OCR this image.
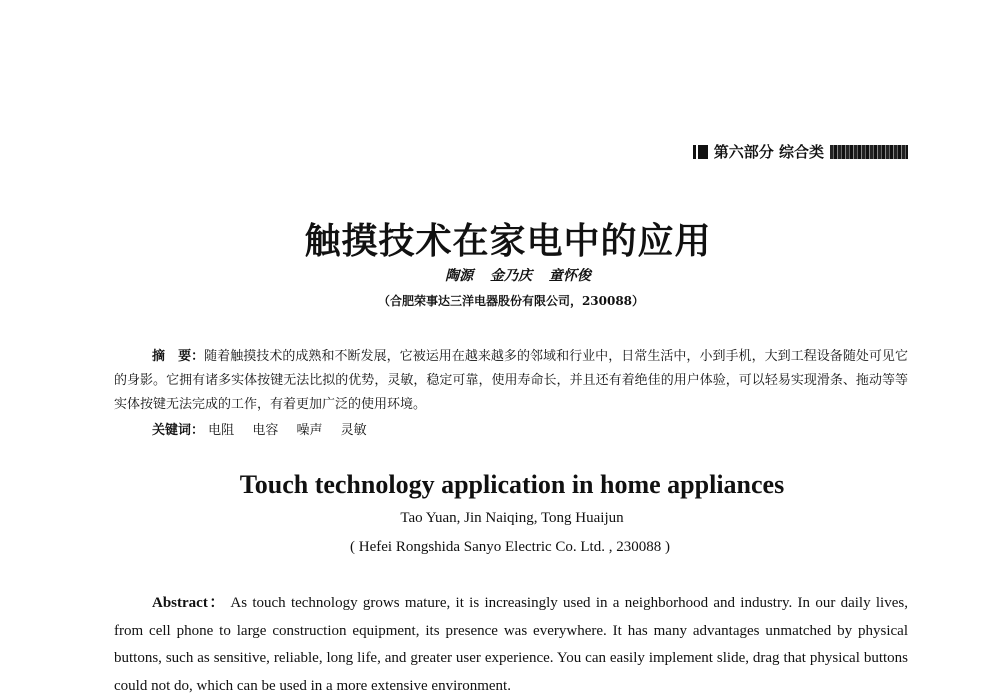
第六部分 综合类
触摸技术在家电中的应用
陶源 金乃庆 童怀俊
（合肥荣事达三洋电器股份有限公司，230088）
摘　要：随着触摸技术的成熟和不断发展，它被运用在越来越多的邻域和行业中，日常生活中，小到手机，大到工程设备随处可见它的身影。它拥有诸多实体按键无法比拟的优势，灵敏，稳定可靠，使用寿命长，并且还有着绝佳的用户体验，可以轻易实现滑条、拖动等等实体按键无法完成的工作，有着更加广泛的使用环境。
关键词： 电阻 电容 噪声 灵敏
Touch technology application in home appliances
Tao Yuan, Jin Naiqing, Tong Huaijun
( Hefei Rongshida Sanyo Electric Co. Ltd. , 230088 )
Abstract： As touch technology grows mature, it is increasingly used in a neighborhood and industry. In our daily lives, from cell phone to large construction equipment, its presence was everywhere. It has many advantages unmatched by physical buttons, such as sensitive, reliable, long life, and greater user experience. You can easily implement slide, drag that physical buttons could not do, which can be used in a more extensive environment.
